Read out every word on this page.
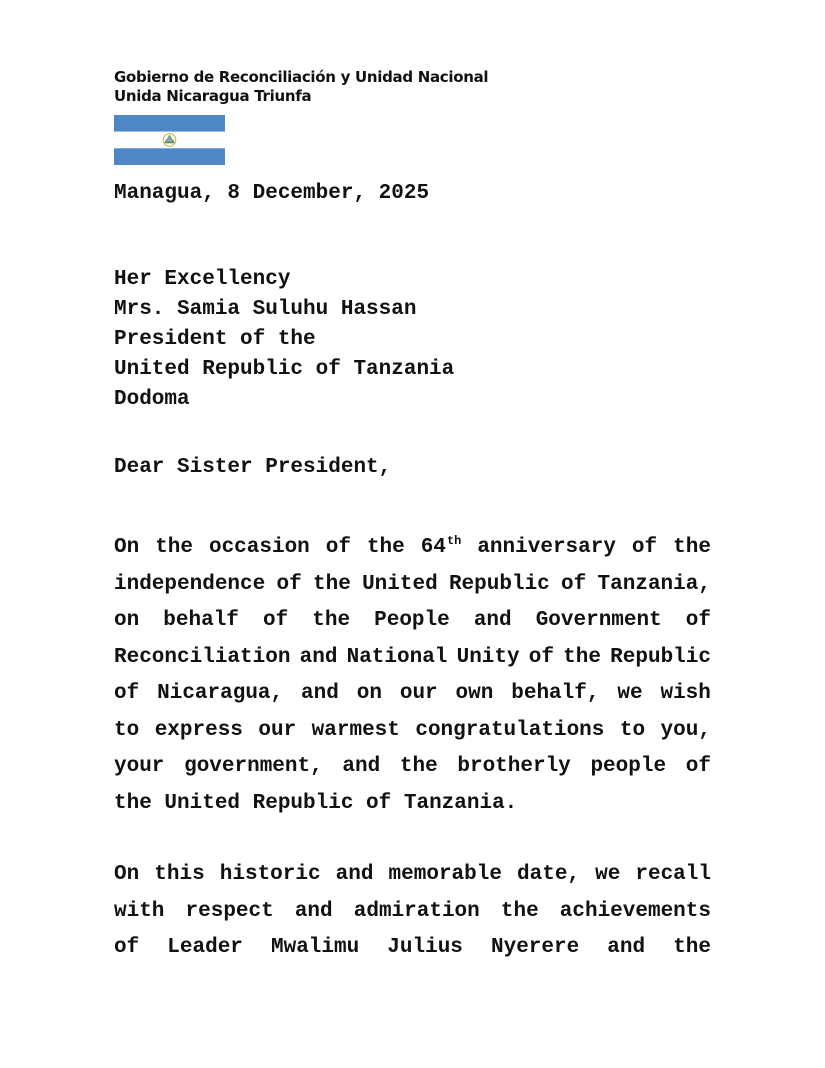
Gobierno de Reconciliación y Unidad Nacional
Unida Nicaragua Triunfa
Managua, 8 December, 2025
Her Excellency
Mrs. Samia Suluhu Hassan
President of the
United Republic of Tanzania
Dodoma
Dear Sister President,
On the occasion of the 64th anniversary of the
independence of the United Republic of Tanzania,
on behalf of the People and Government of
Reconciliation and National Unity of the Republic
of Nicaragua, and on our own behalf, we wish
to express our warmest congratulations to you,
your government, and the brotherly people of
the United Republic of Tanzania.
On this historic and memorable date, we recall
with respect and admiration the achievements
of Leader Mwalimu Julius Nyerere and the
